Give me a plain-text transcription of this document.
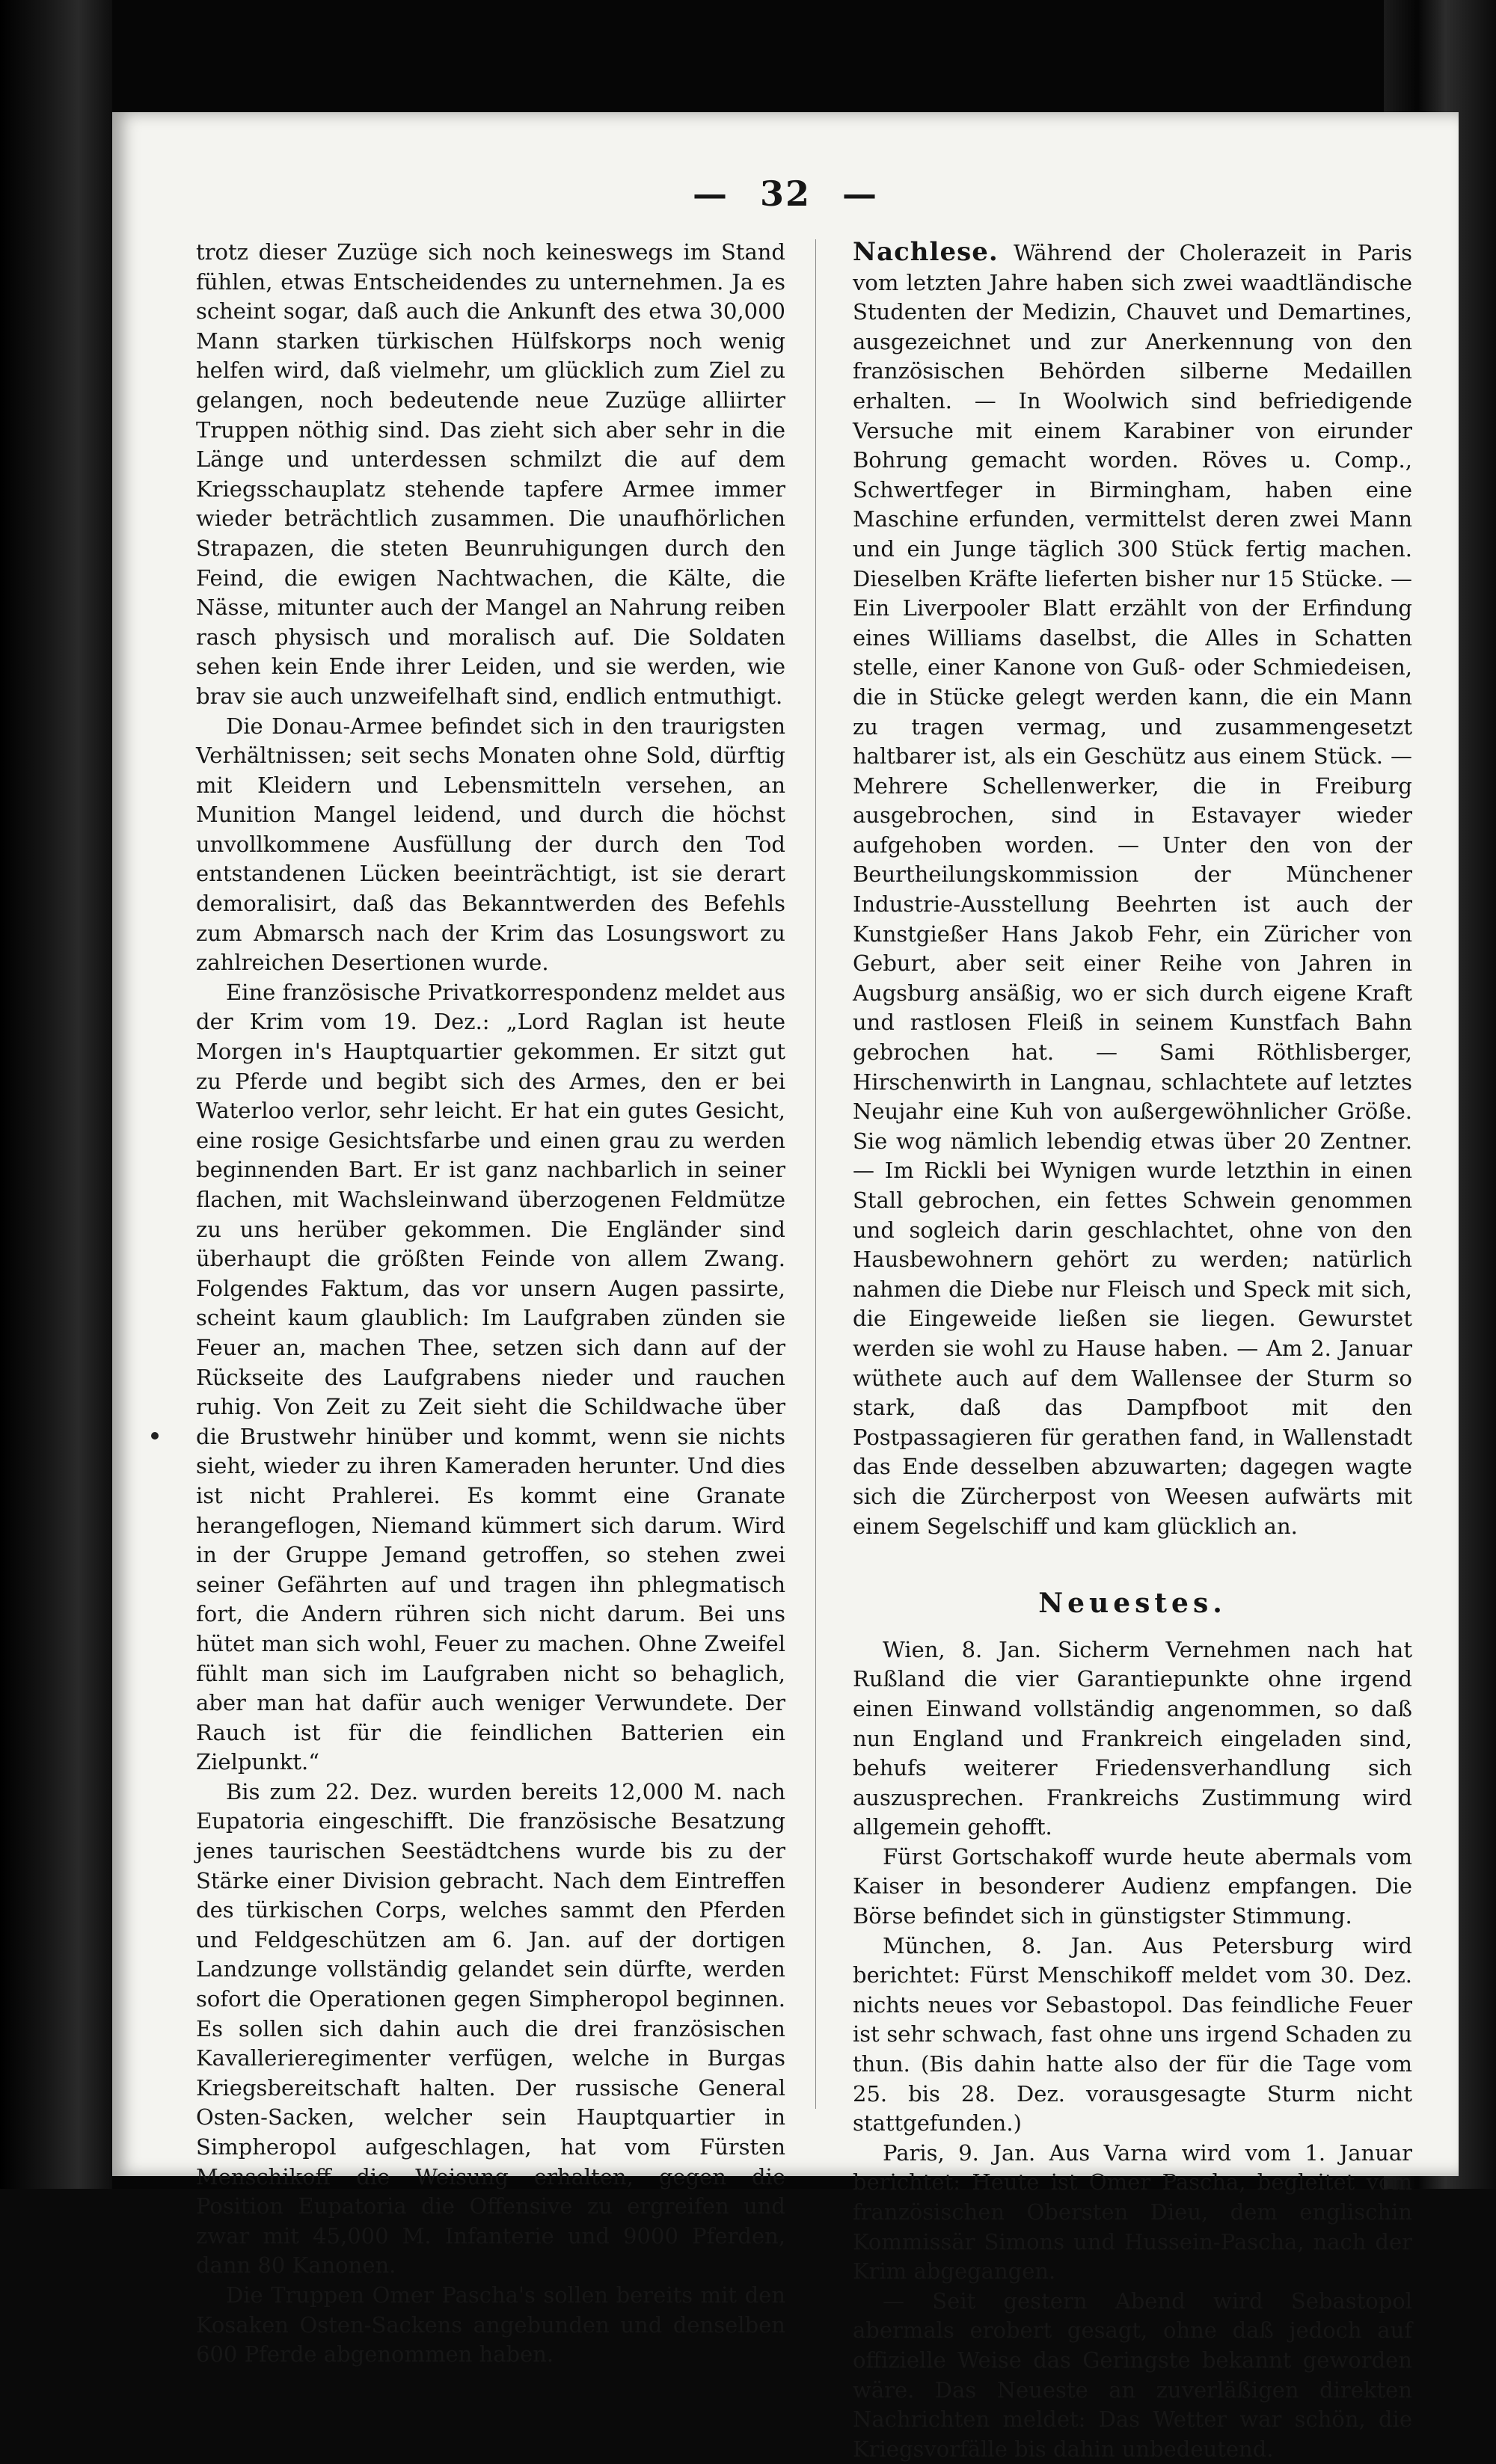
— 32 —

trotz dieser Zuzüge sich noch keineswegs im Stand fühlen, etwas Entscheidendes zu unternehmen. Ja es scheint sogar, daß auch die Ankunft des etwa 30,000 Mann starken türkischen Hülfskorps noch wenig helfen wird, daß vielmehr, um glücklich zum Ziel zu gelangen, noch bedeutende neue Zuzüge alliirter Truppen nöthig sind. Das zieht sich aber sehr in die Länge und unterdessen schmilzt die auf dem Kriegsschauplatz stehende tapfere Armee immer wieder beträchtlich zusammen. Die unaufhörlichen Strapazen, die steten Beunruhigungen durch den Feind, die ewigen Nachtwachen, die Kälte, die Nässe, mitunter auch der Mangel an Nahrung reiben rasch physisch und moralisch auf. Die Soldaten sehen kein Ende ihrer Leiden, und sie werden, wie brav sie auch unzweifelhaft sind, endlich entmuthigt.

Die Donau-Armee befindet sich in den traurigsten Verhältnissen; seit sechs Monaten ohne Sold, dürftig mit Kleidern und Lebensmitteln versehen, an Munition Mangel leidend, und durch die höchst unvollkommene Ausfüllung der durch den Tod entstandenen Lücken beeinträchtigt, ist sie derart demoralisirt, daß das Bekanntwerden des Befehls zum Abmarsch nach der Krim das Losungswort zu zahlreichen Desertionen wurde.

Eine französische Privatkorrespondenz meldet aus der Krim vom 19. Dez.: „Lord Raglan ist heute Morgen in's Hauptquartier gekommen. Er sitzt gut zu Pferde und begibt sich des Armes, den er bei Waterloo verlor, sehr leicht. Er hat ein gutes Gesicht, eine rosige Gesichtsfarbe und einen grau zu werden beginnenden Bart. Er ist ganz nachbarlich in seiner flachen, mit Wachsleinwand überzogenen Feldmütze zu uns herüber gekommen. Die Engländer sind überhaupt die größten Feinde von allem Zwang. Folgendes Faktum, das vor unsern Augen passirte, scheint kaum glaublich: Im Laufgraben zünden sie Feuer an, machen Thee, setzen sich dann auf der Rückseite des Laufgrabens nieder und rauchen ruhig. Von Zeit zu Zeit sieht die Schildwache über die Brustwehr hinüber und kommt, wenn sie nichts sieht, wieder zu ihren Kameraden herunter. Und dies ist nicht Prahlerei. Es kommt eine Granate herangeflogen, Niemand kümmert sich darum. Wird in der Gruppe Jemand getroffen, so stehen zwei seiner Gefährten auf und tragen ihn phlegmatisch fort, die Andern rühren sich nicht darum. Bei uns hütet man sich wohl, Feuer zu machen. Ohne Zweifel fühlt man sich im Laufgraben nicht so behaglich, aber man hat dafür auch weniger Verwundete. Der Rauch ist für die feindlichen Batterien ein Zielpunkt.“

Bis zum 22. Dez. wurden bereits 12,000 M. nach Eupatoria eingeschifft. Die französische Besatzung jenes taurischen Seestädtchens wurde bis zu der Stärke einer Division gebracht. Nach dem Eintreffen des türkischen Corps, welches sammt den Pferden und Feldgeschützen am 6. Jan. auf der dortigen Landzunge vollständig gelandet sein dürfte, werden sofort die Operationen gegen Simpheropol beginnen. Es sollen sich dahin auch die drei französischen Kavallerieregimenter verfügen, welche in Burgas Kriegsbereitschaft halten. Der russische General Osten-Sacken, welcher sein Hauptquartier in Simpheropol aufgeschlagen, hat vom Fürsten Menschikoff die Weisung erhalten, gegen die Position Eupatoria die Offensive zu ergreifen und zwar mit 45,000 M. Infanterie und 9000 Pferden, dann 80 Kanonen.

Die Truppen Omer Pascha's sollen bereits mit den Kosaken Osten-Sackens angebunden und denselben 600 Pferde abgenommen haben.

Nachlese. Während der Cholerazeit in Paris vom letzten Jahre haben sich zwei waadtländische Studenten der Medizin, Chauvet und Demartines, ausgezeichnet und zur Anerkennung von den französischen Behörden silberne Medaillen erhalten. — In Woolwich sind befriedigende Versuche mit einem Karabiner von eirunder Bohrung gemacht worden. Röves u. Comp., Schwertfeger in Birmingham, haben eine Maschine erfunden, vermittelst deren zwei Mann und ein Junge täglich 300 Stück fertig machen. Dieselben Kräfte lieferten bisher nur 15 Stücke. — Ein Liverpooler Blatt erzählt von der Erfindung eines Williams daselbst, die Alles in Schatten stelle, einer Kanone von Guß- oder Schmiedeisen, die in Stücke gelegt werden kann, die ein Mann zu tragen vermag, und zusammengesetzt haltbarer ist, als ein Geschütz aus einem Stück. — Mehrere Schellenwerker, die in Freiburg ausgebrochen, sind in Estavayer wieder aufgehoben worden. — Unter den von der Beurtheilungskommission der Münchener Industrie-Ausstellung Beehrten ist auch der Kunstgießer Hans Jakob Fehr, ein Züricher von Geburt, aber seit einer Reihe von Jahren in Augsburg ansäßig, wo er sich durch eigene Kraft und rastlosen Fleiß in seinem Kunstfach Bahn gebrochen hat. — Sami Röthlisberger, Hirschenwirth in Langnau, schlachtete auf letztes Neujahr eine Kuh von außergewöhnlicher Größe. Sie wog nämlich lebendig etwas über 20 Zentner. — Im Rickli bei Wynigen wurde letzthin in einen Stall gebrochen, ein fettes Schwein genommen und sogleich darin geschlachtet, ohne von den Hausbewohnern gehört zu werden; natürlich nahmen die Diebe nur Fleisch und Speck mit sich, die Eingeweide ließen sie liegen. Gewurstet werden sie wohl zu Hause haben. — Am 2. Januar wüthete auch auf dem Wallensee der Sturm so stark, daß das Dampfboot mit den Postpassagieren für gerathen fand, in Wallenstadt das Ende desselben abzuwarten; dagegen wagte sich die Zürcherpost von Weesen aufwärts mit einem Segelschiff und kam glücklich an.

Neuestes.

Wien, 8. Jan. Sicherm Vernehmen nach hat Rußland die vier Garantiepunkte ohne irgend einen Einwand vollständig angenommen, so daß nun England und Frankreich eingeladen sind, behufs weiterer Friedensverhandlung sich auszusprechen. Frankreichs Zustimmung wird allgemein gehofft.

Fürst Gortschakoff wurde heute abermals vom Kaiser in besonderer Audienz empfangen. Die Börse befindet sich in günstigster Stimmung.

München, 8. Jan. Aus Petersburg wird berichtet: Fürst Menschikoff meldet vom 30. Dez. nichts neues vor Sebastopol. Das feindliche Feuer ist sehr schwach, fast ohne uns irgend Schaden zu thun. (Bis dahin hatte also der für die Tage vom 25. bis 28. Dez. vorausgesagte Sturm nicht stattgefunden.)

Paris, 9. Jan. Aus Varna wird vom 1. Januar berichtet: Heute ist Omer Pascha, begleitet vom französischen Obersten Dieu, dem englischin Kommissär Simons und Hussein-Pascha, nach der Krim abgegangen.

— Seit gestern Abend wird Sebastopol abermals erobert gesagt, ohne daß jedoch auf offizielle Weise das Geringste bekannt geworden wäre. Das Neueste an zuverläßigen direkten Nachrichten meldet: Das Wetter war schön, die Kriegsvorfälle bis dahin unbedeutend.
